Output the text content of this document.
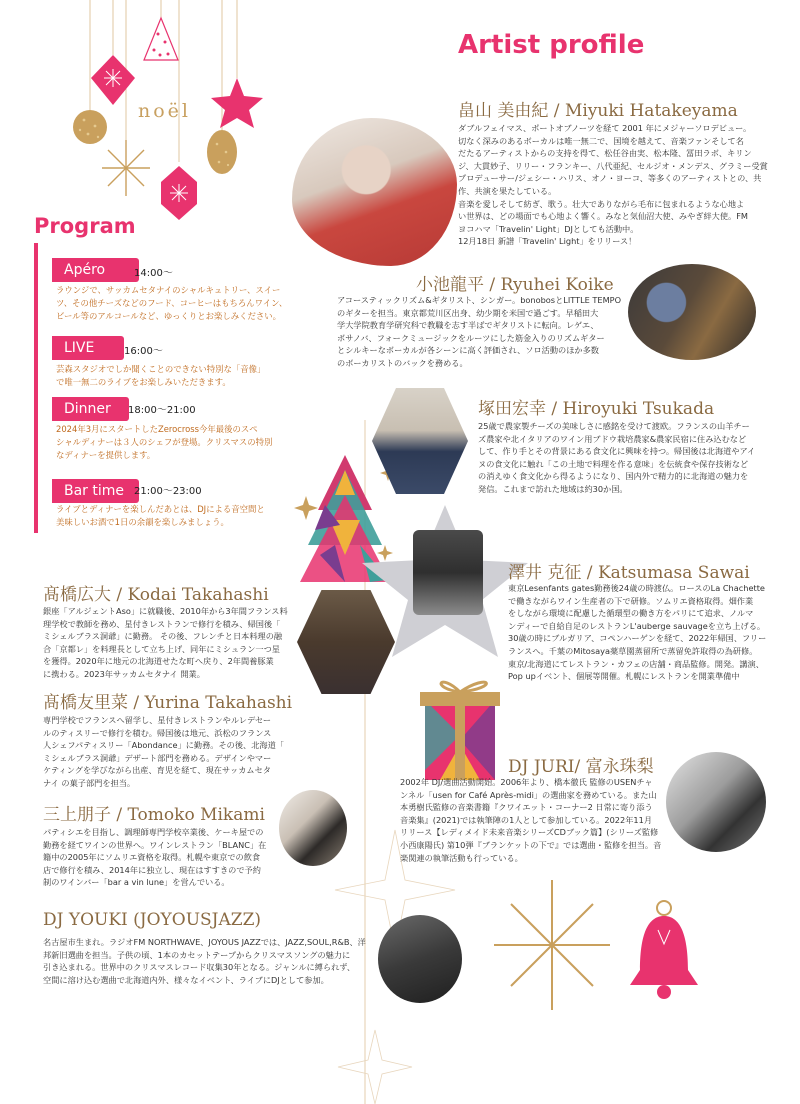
noël
Artist profile
Program
Apéro	14:00〜
ラウンジで、サッカムセタナイのシャルキュトリー、スイー
ツ、その他チーズなどのフード、コーヒーはもちろんワイン、
ビール等のアルコールなど、ゆっくりとお楽しみください。
LIVE	16:00〜
芸森スタジオでしか聞くことのできない特別な「音像」
で唯一無二のライブをお楽しみいただきます。
Dinner	18:00〜21:00
2024年3月にスタートしたZerocross今年最後のスペ
シャルディナーは３人のシェフが登場。クリスマスの特別
なディナーを提供します。
Bar time 21:00〜23:00
ライブとディナーを楽しんだあとは、DJによる音空間と
美味しいお酒で1日の余韻を楽しみましょう。
畠山 美由紀 / Miyuki Hatakeyama
ダブルフェイマス、ポートオブノーツを経て 2001 年にメジャーソロデビュー。
切なく深みのあるボーカルは唯一無二で、国境を越えて、音楽ファンそして名
だたるアーティストからの支持を得て、松任谷由実、松本隆、冨田ラボ、キリン
ジ、大貫妙子、リリー・フランキー、八代亜紀、セルジオ・メンデス、グラミー受賞
プロデューサー/ジェシー・ハリス、オノ・ヨーコ、等多くのアーティストとの、共
作、共演を果たしている。
音楽を愛しそして紡ぎ、歌う。壮大でありながら毛布に包まれるような心地よ
い世界は、どの場面でも心地よく響く。みなと気仙沼大使、みやぎ絆大使。FM
ヨコハマ「Travelin' Light」DJとしても活動中。
12月18日 新譜「Travelin' Light」をリリース！
小池龍平 / Ryuhei Koike
アコースティックリズム&ギタリスト、シンガー。bonobosとLITTLE TEMPO
のギターを担当。東京都荒川区出身、幼少期を米国で過ごす。早稲田大
学大学院教育学研究科で教職を志す半ばでギタリストに転向。レゲエ、
ボサノバ、フォークミュージックをルーツにした筋金入りのリズムギター
とシルキーなボーカルが各シーンに高く評価され、ソロ活動のほか多数
のボーカリストのバックを務める。
塚田宏幸 / Hiroyuki Tsukada
25歳で農家製チーズの美味しさに感銘を受けて渡欧。フランスの山羊チー
ズ農家や北イタリアのワイン用ブドウ栽培農家&農家民宿に住み込むなど
して、作り手とその背景にある食文化に興味を持つ。帰国後は北海道やアイ
ヌの食文化に触れ「この土地で料理を作る意味」を伝統食や保存技術など
の消えゆく食文化から得るようになり、国内外で精力的に北海道の魅力を
発信。これまで訪れた地域は約30か国。
澤井 克征 / Katsumasa Sawai
東京Lesenfants gates勤務後24歳の時渡仏。ロースのLa Chachette
で働きながらワイン生産者の下で研修。ソムリエ資格取得。畑作業
をしながら環境に配慮した循環型の働き方をパリにて追求、ノルマ
ンディーで自給自足のレストランL'auberge sauvageを立ち上げる。
30歳の時にブルガリア、コペンハーゲンを経て、2022年帰国、フリー
ランスへ。千葉のMitosaya薬草園蒸留所で蒸留免許取得の為研修。
東京/北海道にてレストラン・カフェの店舗・商品監修。開発。講演、
Pop upイベント、個展等開催。札幌にレストランを開業準備中
髙橋広大 / Kodai Takahashi
銀座「アルジェントAso」に就職後、2010年から3年間フランス料
理学校で教師を務め、星付きレストランで修行を積み、帰国後「
ミシェルブラス洞爺」に勤務。 その後、フレンチと日本料理の融
合「京都レ」を料理長として立ち上げ、同年にミシュラン一つ星
を獲得。2020年に地元の北海道せたな町へ戻り、2年間養豚業
に携わる。2023年サッカムセタナイ 開業。
髙橋友里菜 / Yurina Takahashi
専門学校でフランスへ留学し、星付きレストランやルレデセー
ルのティスリーで修行を積む。帰国後は地元、浜松のフランス
人シェフパティスリー「Abondance」に勤務。その後、北海道「
ミシェルブラス洞爺」デザート部門を務める。デザインやマー
ケティングを学びながら出産、育児を経て、現在サッカムセタ
ナイ の菓子部門を担当。
三上朋子 / Tomoko Mikami
パティシエを目指し、調理師専門学校卒業後、ケーキ屋での
勤務を経てワインの世界へ。ワインレストラン「BLANC」在
籍中の2005年にソムリエ資格を取得。札幌や東京での飲食
店で修行を積み、2014年に独立し、現在はすすきので予約
制のワインバー「bar a vin lune」を営んでいる。
DJ JURI/ 富永珠梨
2002年 DJ/選曲活動開始。2006年より、橋本徹氏 監修のUSENチャ
ンネル「usen for Café Après-midi」の選曲家を務めている。また山
本勇樹氏監修の音楽書籍『クワイエット・コーナー2 日常に寄り添う
音楽集』(2021)では執筆陣の1人として参加している。2022年11月
リリース【レディメイド未来音楽シリーズCDブック篇】(シリーズ監修
小西康陽氏) 第10弾『ブランケットの下で』では選曲・監修を担当。音
楽関連の執筆活動も行っている。
DJ YOUKI (JOYOUSJAZZ)
名古屋市生まれ。ラジオFM NORTHWAVE、JOYOUS JAZZでは、JAZZ,SOUL,R&B、洋
邦新旧選曲を担当。子供の頃、1本のカセットテープからクリスマスソングの魅力に
引き込まれる。世界中のクリスマスレコード収集30年となる。ジャンルに縛られず、
空間に溶け込む選曲で北海道内外、様々なイベント、ライブにDJとして参加。
